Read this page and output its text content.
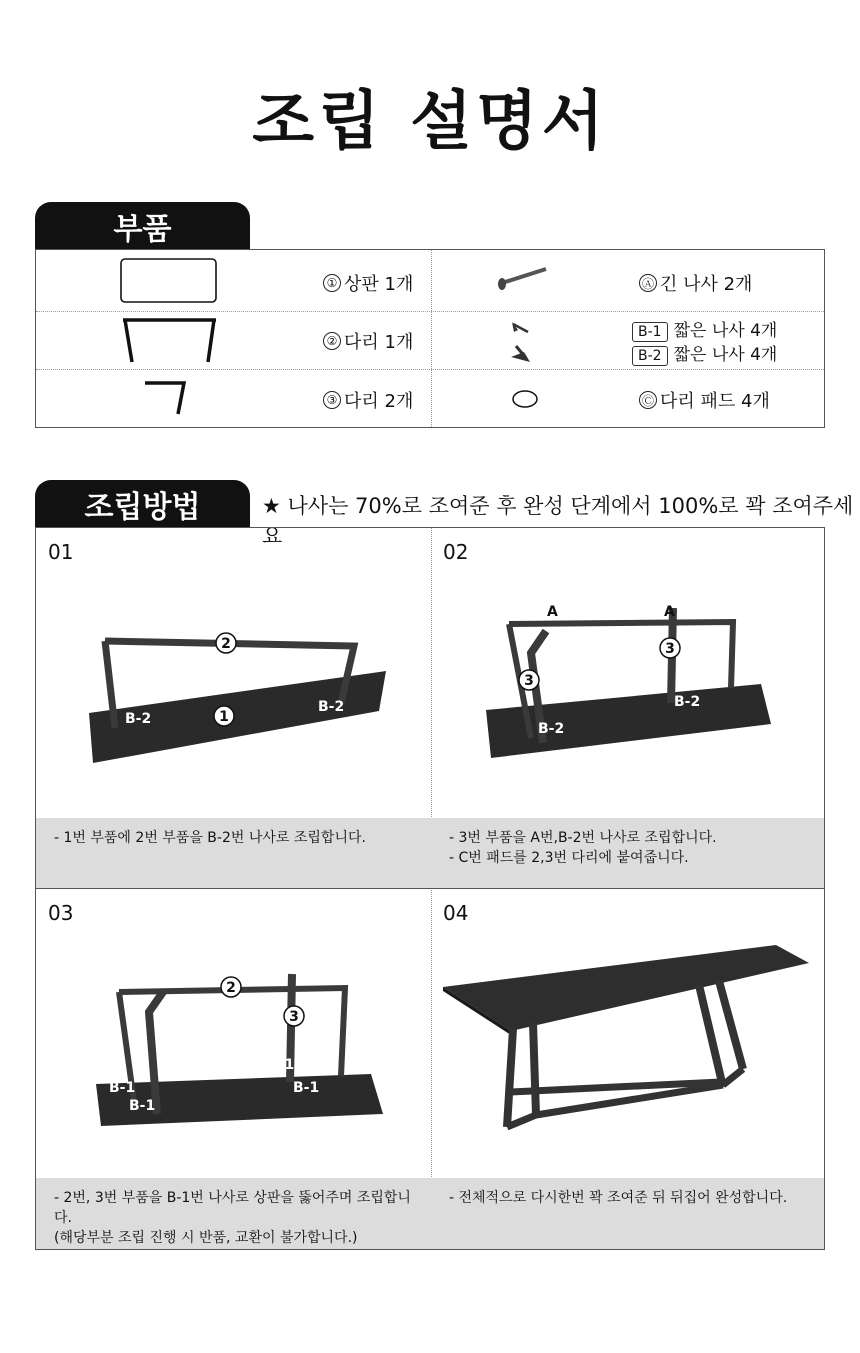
조립 설명서
부품
① 상판 1개	Ⓐ 긴 나사 2개
② 다리 1개	B-1 짧은 나사 4개
B-2 짧은 나사 4개
③ 다리 2개	Ⓒ 다리 패드 4개
조립방법	★ 나사는 70%로 조여준 후 완성 단계에서 100%로 꽉 조여주세요
01
2
1
B-2
B-2
- 1번 부품에 2번 부품을 B-2번 나사로 조립합니다.
02
A	A
3
3
B-2
B-2
- 3번 부품을 A번,B-2번 나사로 조립합니다.
- C번 패드를 2,3번 다리에 붙여줍니다.
03
2
3
B-1
B-1
B-1
B-1
- 2번, 3번 부품을 B-1번 나사로 상판을 뚫어주며 조립합니다.
(해당부분 조립 진행 시 반품, 교환이 불가합니다.)
04
- 전체적으로 다시한번 꽉 조여준 뒤 뒤집어 완성합니다.
